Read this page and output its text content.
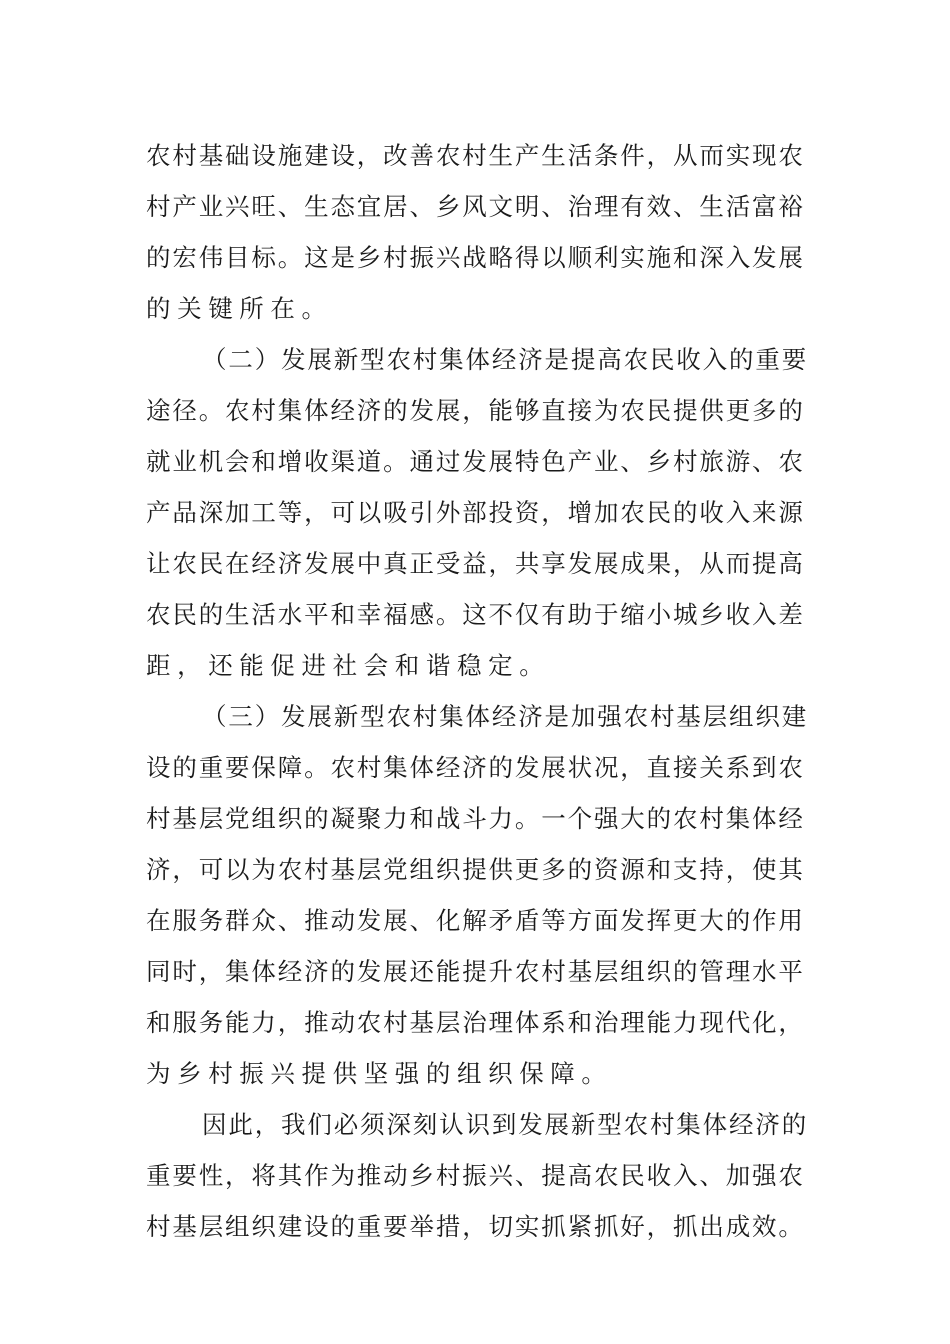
农村基础设施建设，改善农村生产生活条件，从而实现农
村产业兴旺、生态宜居、乡风文明、治理有效、生活富裕
的宏伟目标。这是乡村振兴战略得以顺利实施和深入发展
的关键所在。
（二）发展新型农村集体经济是提高农民收入的重要
途径。农村集体经济的发展，能够直接为农民提供更多的
就业机会和增收渠道。通过发展特色产业、乡村旅游、农
产品深加工等，可以吸引外部投资，增加农民的收入来源
让农民在经济发展中真正受益，共享发展成果，从而提高
农民的生活水平和幸福感。这不仅有助于缩小城乡收入差
距，还能促进社会和谐稳定。
（三）发展新型农村集体经济是加强农村基层组织建
设的重要保障。农村集体经济的发展状况，直接关系到农
村基层党组织的凝聚力和战斗力。一个强大的农村集体经
济，可以为农村基层党组织提供更多的资源和支持，使其
在服务群众、推动发展、化解矛盾等方面发挥更大的作用
同时，集体经济的发展还能提升农村基层组织的管理水平
和服务能力，推动农村基层治理体系和治理能力现代化，
为乡村振兴提供坚强的组织保障。
因此，我们必须深刻认识到发展新型农村集体经济的
重要性，将其作为推动乡村振兴、提高农民收入、加强农
村基层组织建设的重要举措，切实抓紧抓好，抓出成效。
